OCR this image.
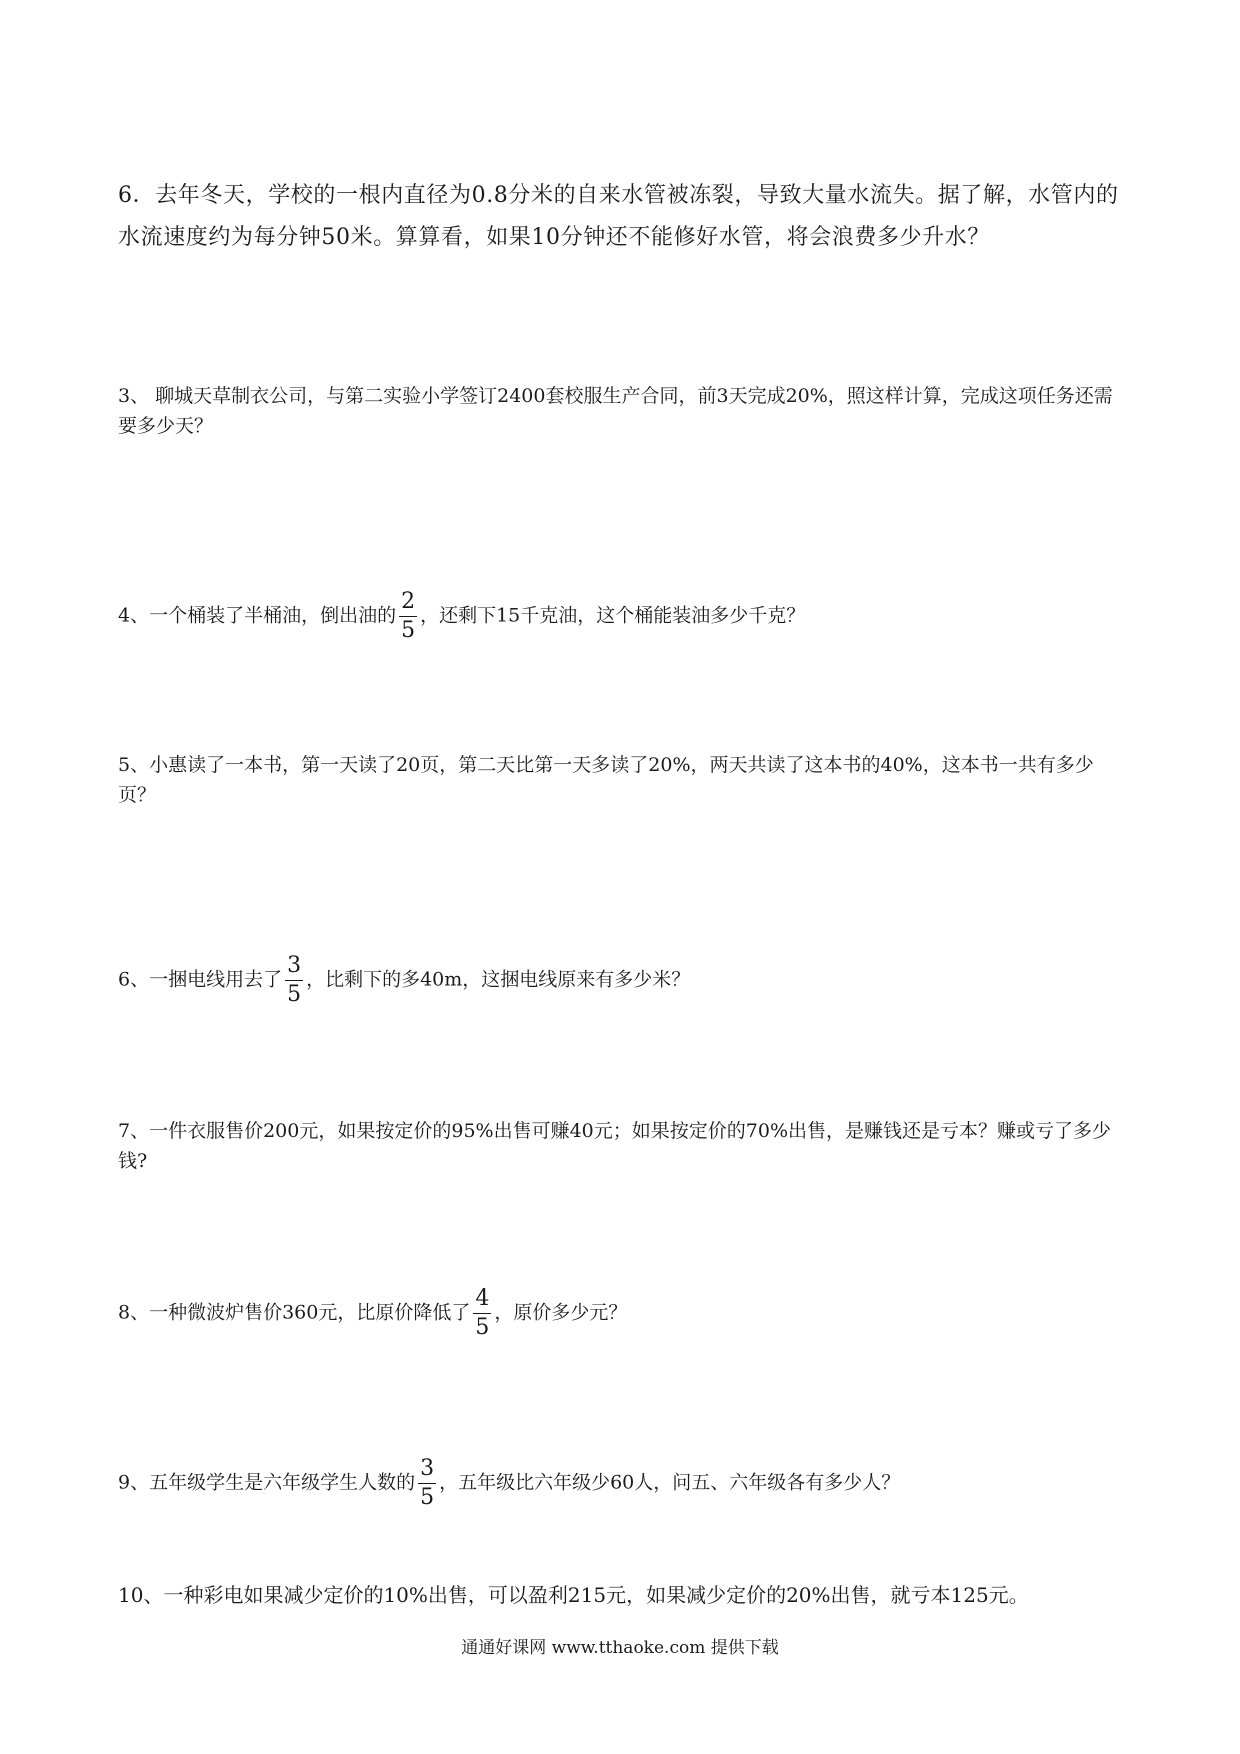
6．去年冬天，学校的一根内直径为0.8分米的自来水管被冻裂，导致大量水流失。据了解，水管内的水流速度约为每分钟50米。算算看，如果10分钟还不能修好水管，将会浪费多少升水？
3、 聊城天草制衣公司，与第二实验小学签订2400套校服生产合同，前3天完成20%，照这样计算，完成这项任务还需要多少天？
4、一个桶装了半桶油，倒出油的 $\frac{2}{5}$ ，还剩下15千克油，这个桶能装油多少千克？
5、小惠读了一本书，第一天读了20页，第二天比第一天多读了20%，两天共读了这本书的40%，这本书一共有多少页？
6、一捆电线用去了 $\frac{3}{5}$ ，比剩下的多40m，这捆电线原来有多少米？
7、一件衣服售价200元，如果按定价的95%出售可赚40元；如果按定价的70%出售，是赚钱还是亏本？赚或亏了多少钱?
8、一种微波炉售价360元，比原价降低了 $\frac{4}{5}$ ，原价多少元？
9、五年级学生是六年级学生人数的 $\frac{3}{5}$ ，五年级比六年级少60人，问五、六年级各有多少人？
10、一种彩电如果减少定价的10%出售，可以盈利215元，如果减少定价的20%出售，就亏本125元。
通通好课网 www.tthaoke.com 提供下载
